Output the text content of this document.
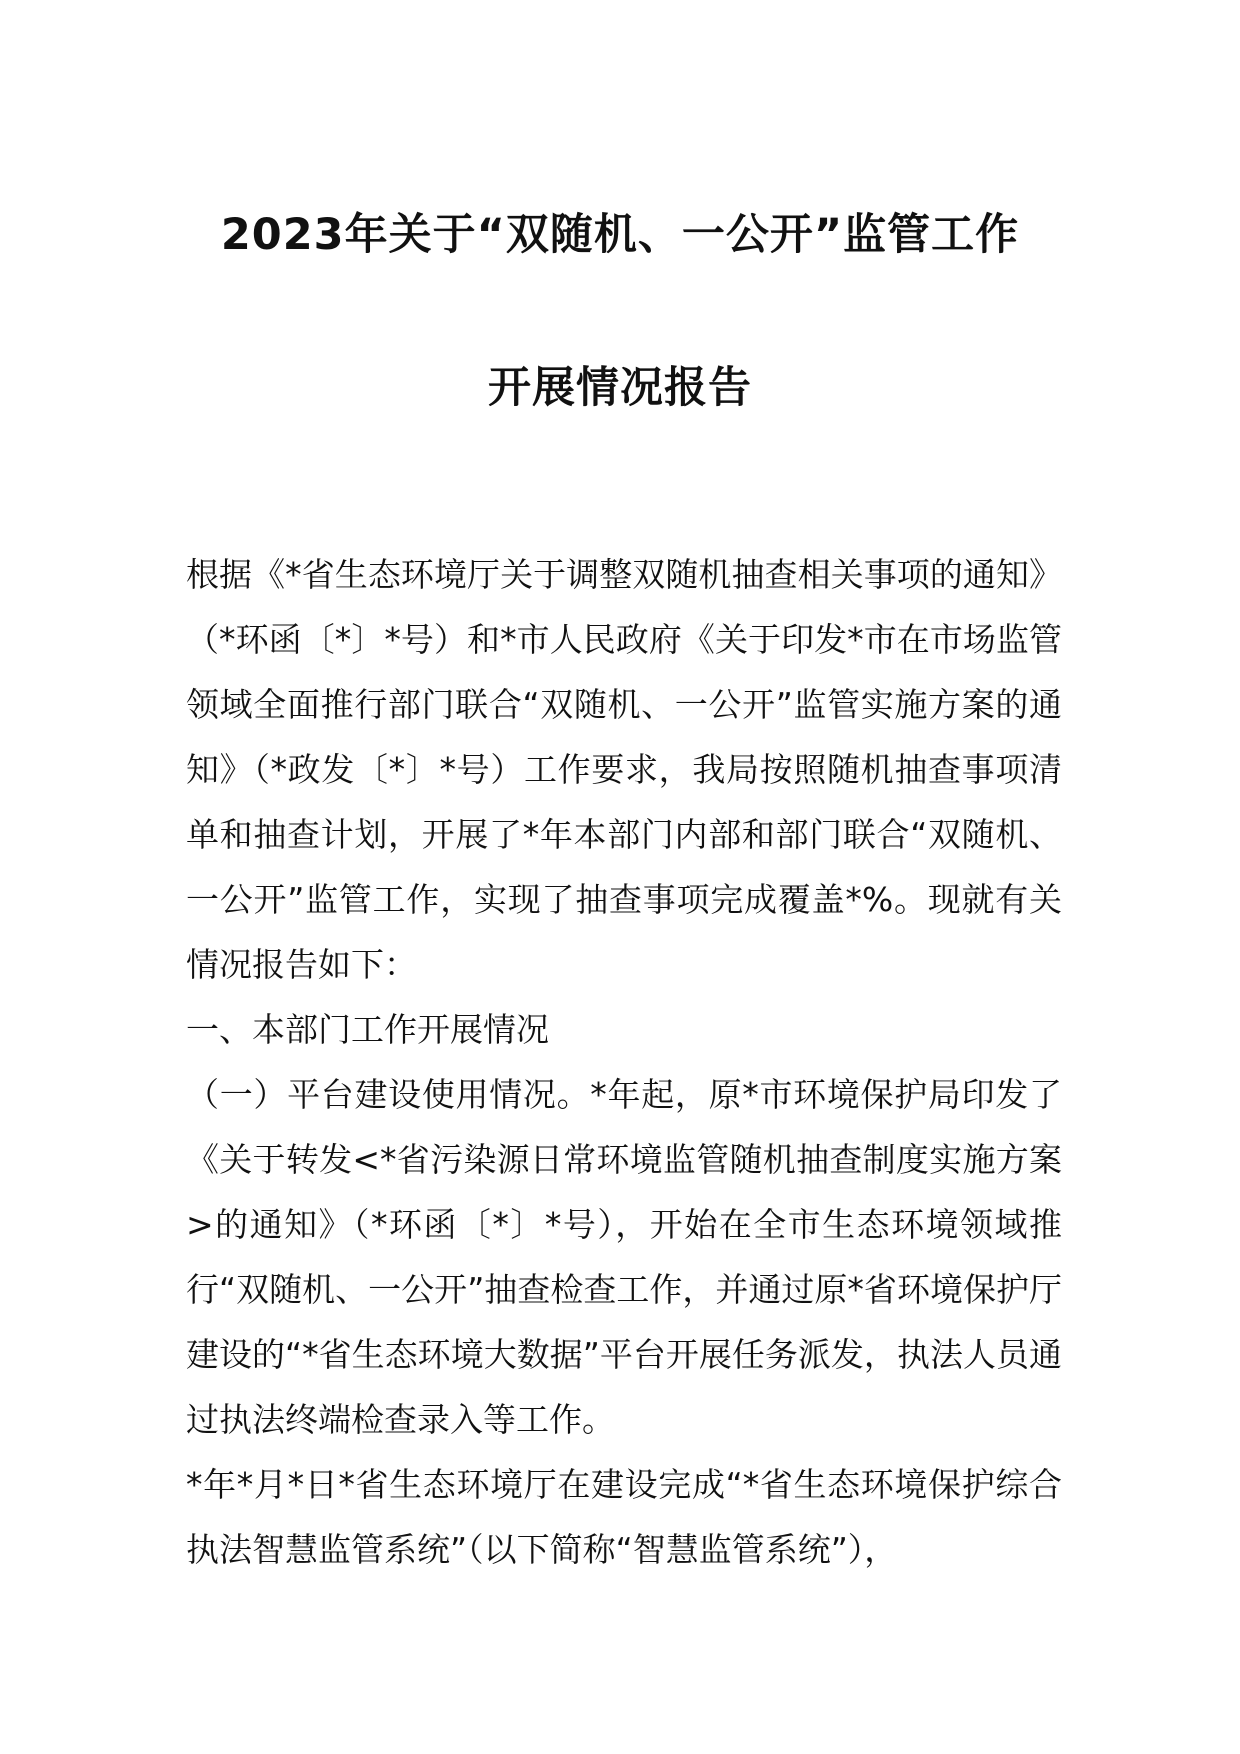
2023年关于“双随机、一公开”监管工作
开展情况报告

根据《*省生态环境厅关于调整双随机抽查相关事项的通知》（*环函〔*〕*号）和*市人民政府《关于印发*市在市场监管领域全面推行部门联合“双随机、一公开”监管实施方案的通知》（*政发〔*〕*号）工作要求，我局按照随机抽查事项清单和抽查计划，开展了*年本部门内部和部门联合“双随机、一公开”监管工作，实现了抽查事项完成覆盖*%。现就有关情况报告如下：

一、本部门工作开展情况

（一）平台建设使用情况。*年起，原*市环境保护局印发了《关于转发<*省污染源日常环境监管随机抽查制度实施方案>的通知》（*环函〔*〕*号），开始在全市生态环境领域推行“双随机、一公开”抽查检查工作，并通过原*省环境保护厅建设的“*省生态环境大数据”平台开展任务派发，执法人员通过执法终端检查录入等工作。

*年*月*日*省生态环境厅在建设完成“*省生态环境保护综合执法智慧监管系统”（以下简称“智慧监管系统”），
